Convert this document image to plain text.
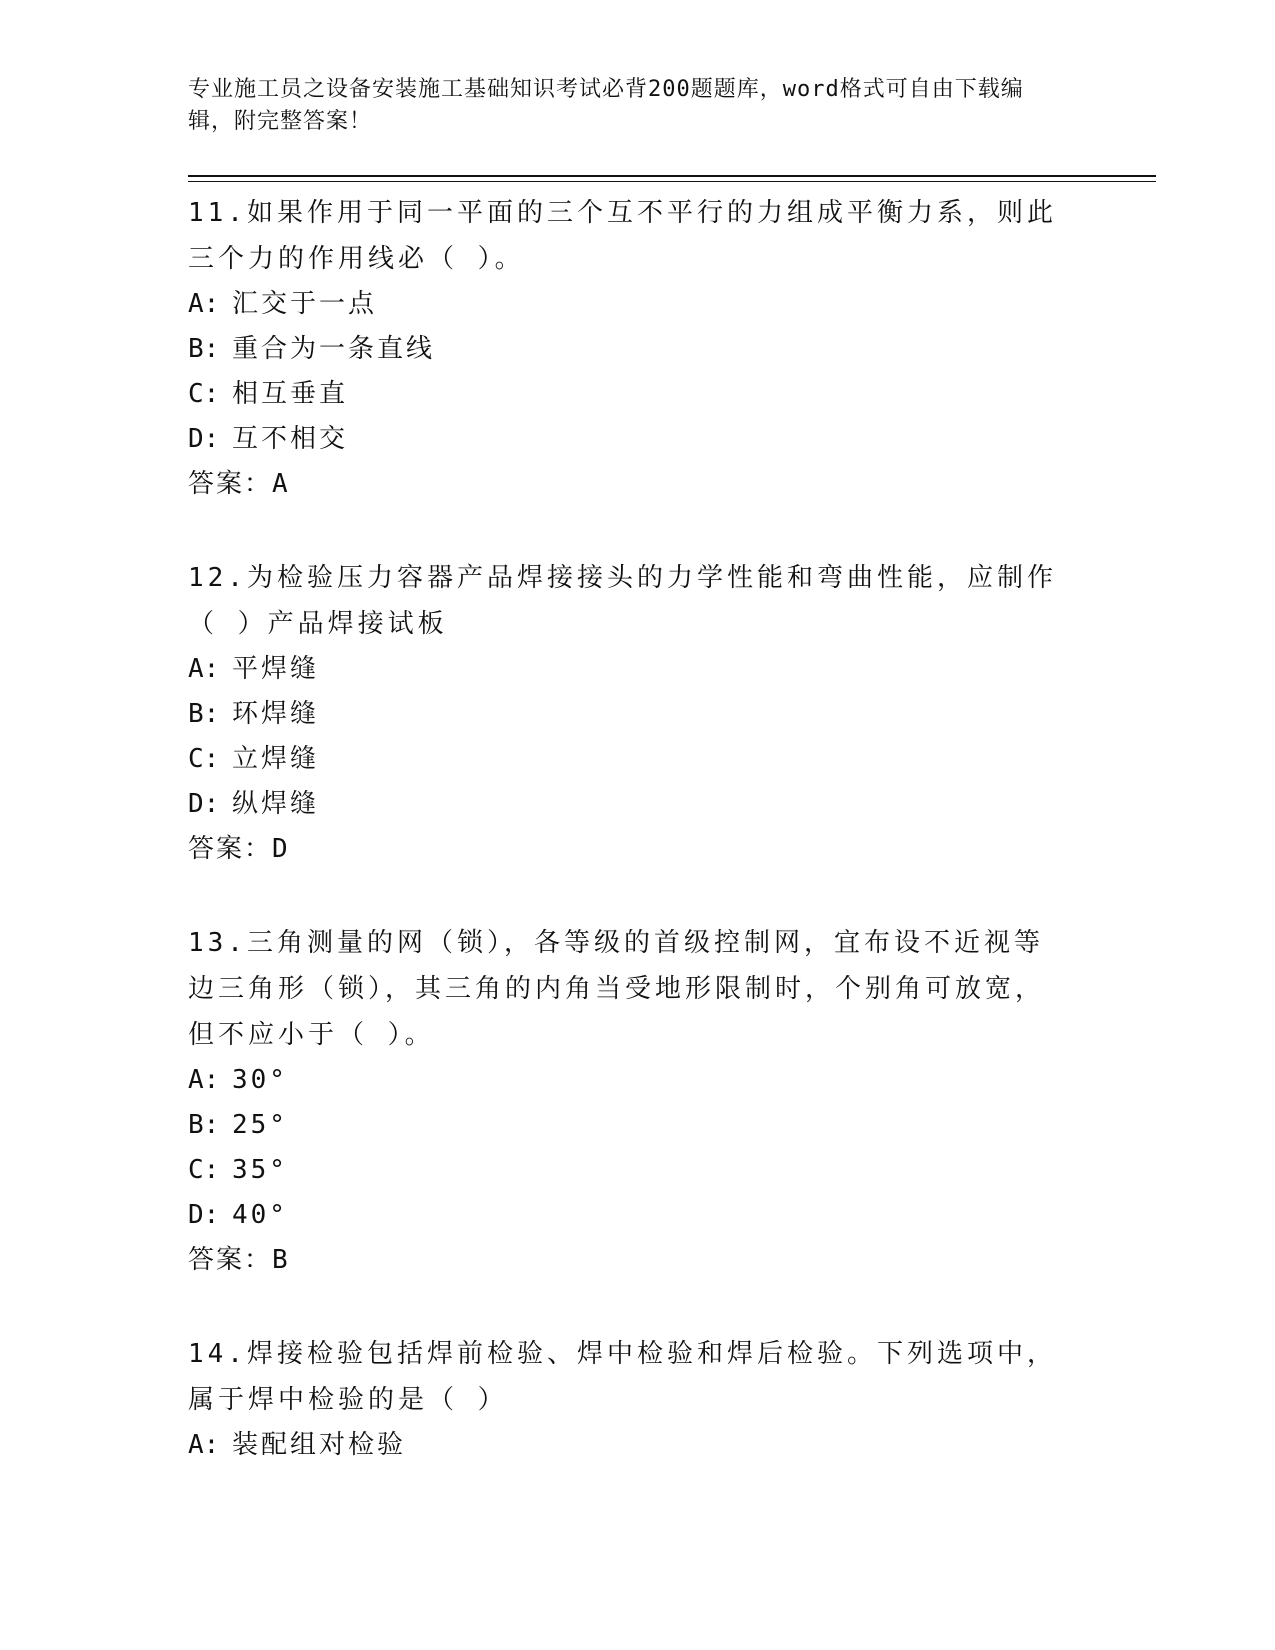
专业施工员之设备安装施工基础知识考试必背200题题库，word格式可自由下载编辑，附完整答案！

11.如果作用于同一平面的三个互不平行的力组成平衡力系，则此三个力的作用线必（ ）。

A: 汇交于一点

B: 重合为一条直线

C: 相互垂直

D: 互不相交

答案：A

12.为检验压力容器产品焊接接头的力学性能和弯曲性能，应制作（ ）产品焊接试板

A: 平焊缝

B: 环焊缝

C: 立焊缝

D: 纵焊缝

答案：D

13.三角测量的网（锁），各等级的首级控制网，宜布设不近视等边三角形（锁），其三角的内角当受地形限制时，个别角可放宽，但不应小于（ ）。

A: 30°

B: 25°

C: 35°

D: 40°

答案：B

14.焊接检验包括焊前检验、焊中检验和焊后检验。下列选项中，属于焊中检验的是（ ）

A: 装配组对检验
